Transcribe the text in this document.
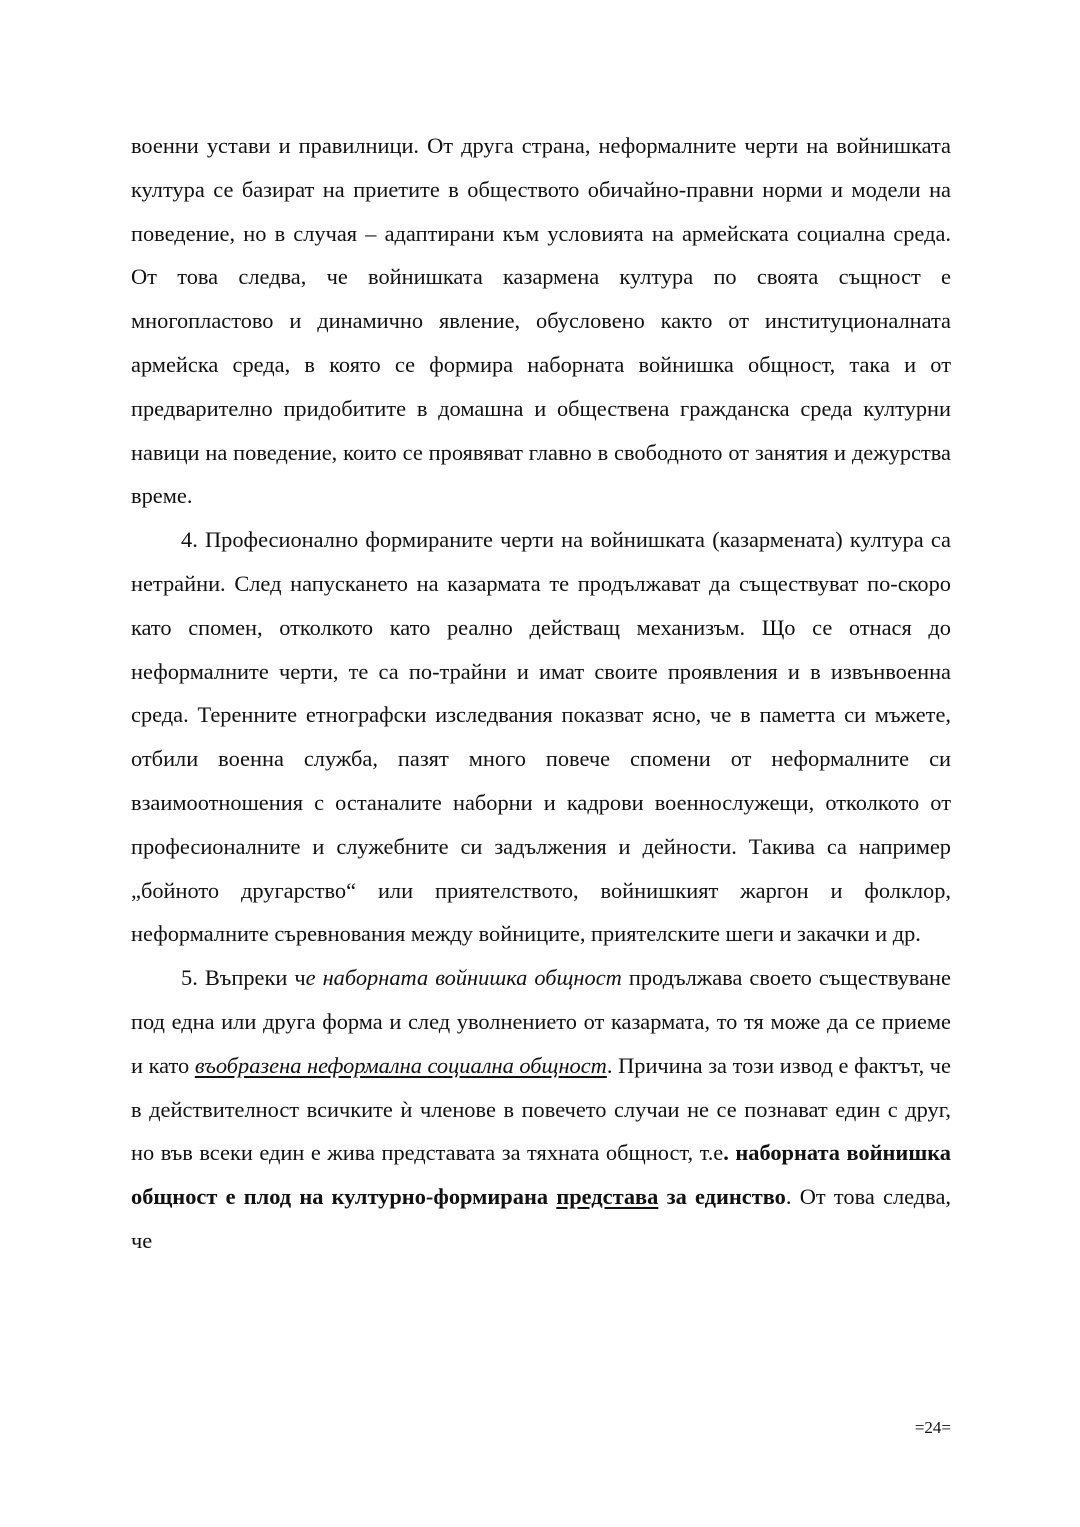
военни устави и правилници. От друга страна, неформалните черти на войнишката култура се базират на приетите в обществото обичайно-правни норми и модели на поведение, но в случая – адаптирани към условията на армейската социална среда. От това следва, че войнишката казармена култура по своята същност е многопластово и динамично явление, обусловено както от институционалната армейска среда, в която се формира наборната войнишка общност, така и от предварително придобитите в домашна и обществена гражданска среда културни навици на поведение, които се проявяват главно в свободното от занятия и дежурства време.

4. Професионално формираните черти на войнишката (казармената) култура са нетрайни. След напускането на казармата те продължават да съществуват по-скоро като спомен, отколкото като реално действащ механизъм. Що се отнася до неформалните черти, те са по-трайни и имат своите проявления и в извънвоенна среда. Теренните етнографски изследвания показват ясно, че в паметта си мъжете, отбили военна служба, пазят много повече спомени от неформалните си взаимоотношения с останалите наборни и кадрови военнослужещи, отколкото от професионалните и служебните си задължения и дейности. Такива са например „бойното другарство“ или приятелството, войнишкият жаргон и фолклор, неформалните съревнования между войниците, приятелските шеги и закачки и др.

5. Въпреки че наборната войнишка общност продължава своето съществуване под една или друга форма и след уволнението от казармата, то тя може да се приеме и като въобразена неформална социална общност. Причина за този извод е фактът, че в действителност всичките ѝ членове в повечето случаи не се познават един с друг, но във всеки един е жива представата за тяхната общност, т.е. наборната войнишка общност е плод на културно-формирана представа за единство. От това следва, че

=24=
